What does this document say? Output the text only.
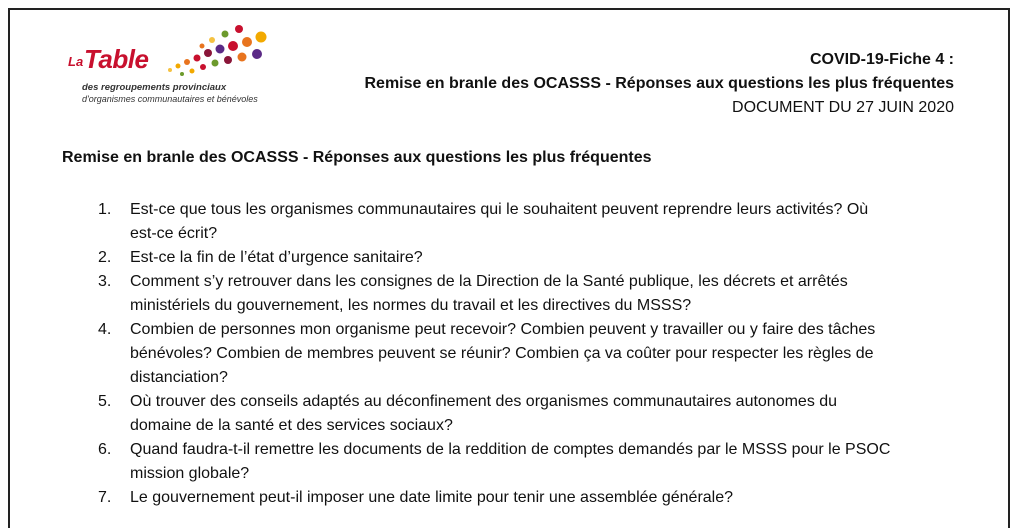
La Table
des regroupements provinciaux
d'organismes communautaires et bénévoles
COVID-19-Fiche 4 :
Remise en branle des OCASSS - Réponses aux questions les plus fréquentes
DOCUMENT DU 27 JUIN 2020
Remise en branle des OCASSS - Réponses aux questions les plus fréquentes
1. Est-ce que tous les organismes communautaires qui le souhaitent peuvent reprendre leurs activités? Où
est-ce écrit?
2. Est-ce la fin de l’état d’urgence sanitaire?
3. Comment s’y retrouver dans les consignes de la Direction de la Santé publique, les décrets et arrêtés
ministériels du gouvernement, les normes du travail et les directives du MSSS?
4. Combien de personnes mon organisme peut recevoir? Combien peuvent y travailler ou y faire des tâches
bénévoles? Combien de membres peuvent se réunir? Combien ça va coûter pour respecter les règles de
distanciation?
5. Où trouver des conseils adaptés au déconfinement des organismes communautaires autonomes du
domaine de la santé et des services sociaux?
6. Quand faudra-t-il remettre les documents de la reddition de comptes demandés par le MSSS pour le PSOC
mission globale?
7. Le gouvernement peut-il imposer une date limite pour tenir une assemblée générale?
